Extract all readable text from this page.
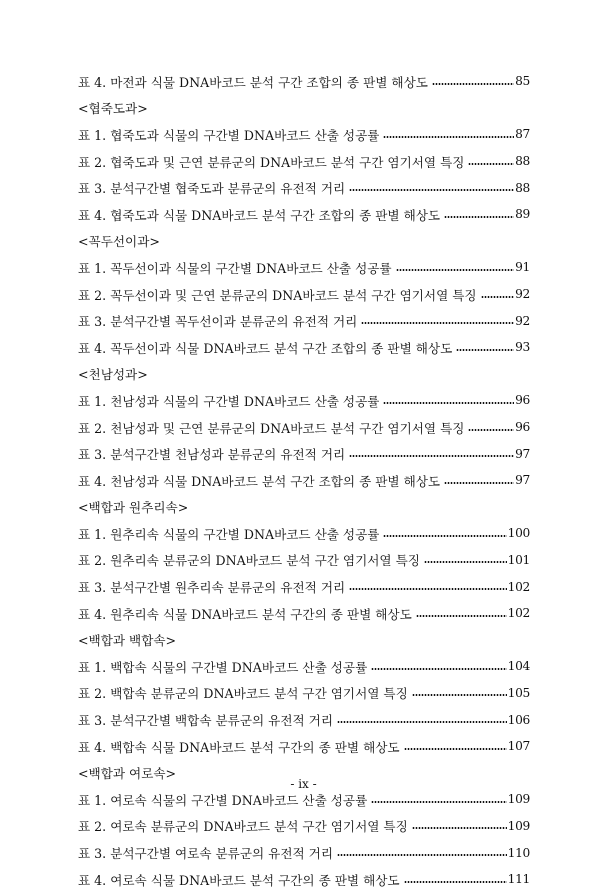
표 4. 마전과 식물 DNA바코드 분석 구간 조합의 종 판별 해상도	85
<협죽도과>
표 1. 협죽도과 식물의 구간별 DNA바코드 산출 성공률	87
표 2. 협죽도과 및 근연 분류군의 DNA바코드 분석 구간 염기서열 특징	88
표 3. 분석구간별 협죽도과 분류군의 유전적 거리	88
표 4. 협죽도과 식물 DNA바코드 분석 구간 조합의 종 판별 해상도	89
<꼭두선이과>
표 1. 꼭두선이과 식물의 구간별 DNA바코드 산출 성공률	91
표 2. 꼭두선이과 및 근연 분류군의 DNA바코드 분석 구간 염기서열 특징	92
표 3. 분석구간별 꼭두선이과 분류군의 유전적 거리	92
표 4. 꼭두선이과 식물 DNA바코드 분석 구간 조합의 종 판별 해상도	93
<천남성과>
표 1. 천남성과 식물의 구간별 DNA바코드 산출 성공률	96
표 2. 천남성과 및 근연 분류군의 DNA바코드 분석 구간 염기서열 특징	96
표 3. 분석구간별 천남성과 분류군의 유전적 거리	97
표 4. 천남성과 식물 DNA바코드 분석 구간 조합의 종 판별 해상도	97
<백합과 원추리속>
표 1. 원추리속 식물의 구간별 DNA바코드 산출 성공률	100
표 2. 원추리속 분류군의 DNA바코드 분석 구간 염기서열 특징	101
표 3. 분석구간별 원추리속 분류군의 유전적 거리	102
표 4. 원추리속 식물 DNA바코드 분석 구간의 종 판별 해상도	102
<백합과 백합속>
표 1. 백합속 식물의 구간별 DNA바코드 산출 성공률	104
표 2. 백합속 분류군의 DNA바코드 분석 구간 염기서열 특징	105
표 3. 분석구간별 백합속 분류군의 유전적 거리	106
표 4. 백합속 식물 DNA바코드 분석 구간의 종 판별 해상도	107
<백합과 여로속>
표 1. 여로속 식물의 구간별 DNA바코드 산출 성공률	109
표 2. 여로속 분류군의 DNA바코드 분석 구간 염기서열 특징	109
표 3. 분석구간별 여로속 분류군의 유전적 거리	110
표 4. 여로속 식물 DNA바코드 분석 구간의 종 판별 해상도	111
- ix -
